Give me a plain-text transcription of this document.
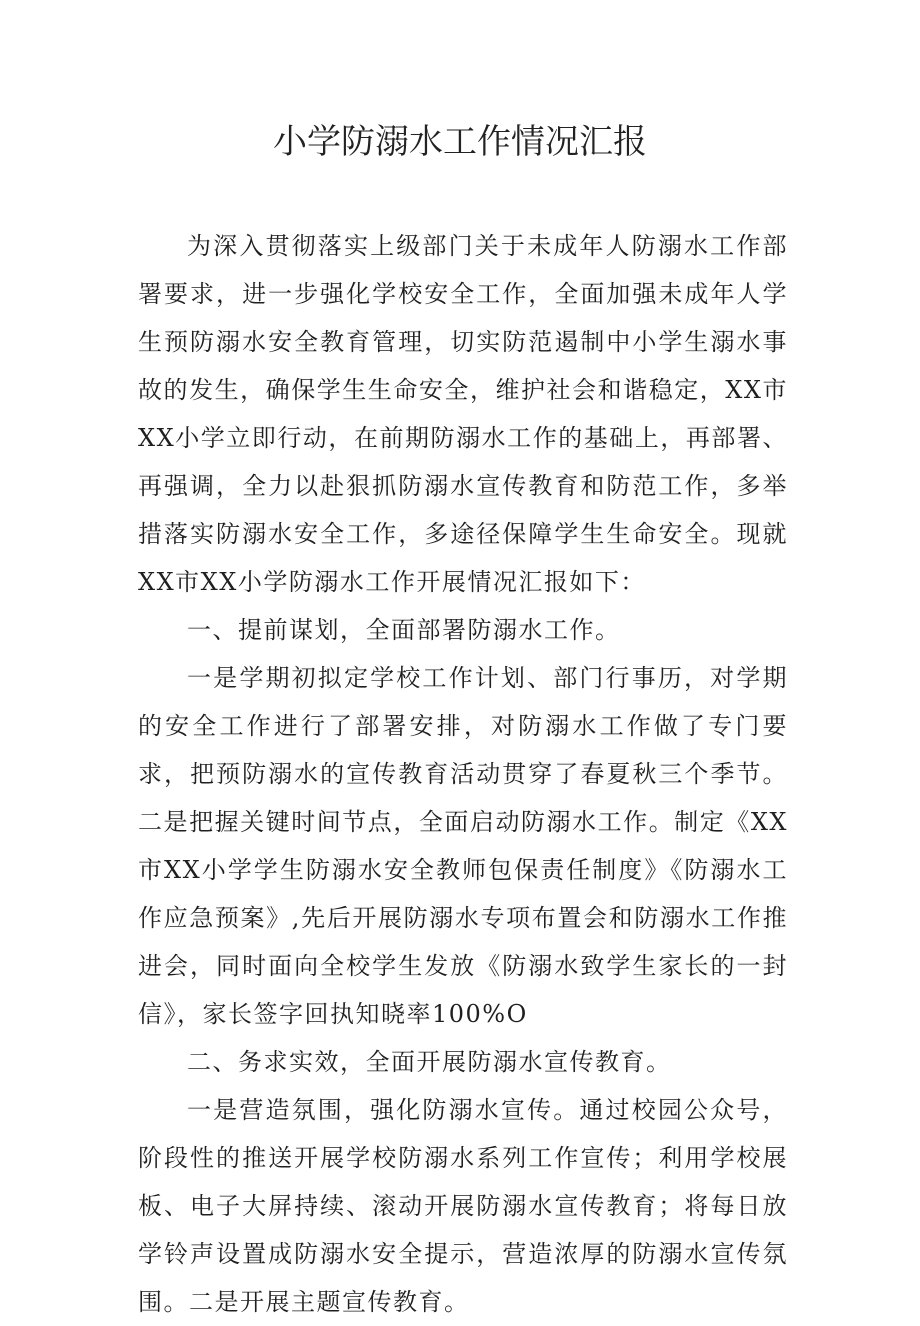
小学防溺水工作情况汇报

为深入贯彻落实上级部门关于未成年人防溺水工作部署要求，进一步强化学校安全工作，全面加强未成年人学生预防溺水安全教育管理，切实防范遏制中小学生溺水事故的发生，确保学生生命安全，维护社会和谐稳定，XX市XX小学立即行动，在前期防溺水工作的基础上，再部署、再强调，全力以赴狠抓防溺水宣传教育和防范工作，多举措落实防溺水安全工作，多途径保障学生生命安全。现就XX市XX小学防溺水工作开展情况汇报如下：

一、提前谋划，全面部署防溺水工作。

一是学期初拟定学校工作计划、部门行事历，对学期的安全工作进行了部署安排，对防溺水工作做了专门要求，把预防溺水的宣传教育活动贯穿了春夏秋三个季节。二是把握关键时间节点，全面启动防溺水工作。制定《XX市XX小学学生防溺水安全教师包保责任制度》《防溺水工作应急预案》,先后开展防溺水专项布置会和防溺水工作推进会，同时面向全校学生发放《防溺水致学生家长的一封信》，家长签字回执知晓率100%O

二、务求实效，全面开展防溺水宣传教育。

一是营造氛围，强化防溺水宣传。通过校园公众号，阶段性的推送开展学校防溺水系列工作宣传；利用学校展板、电子大屏持续、滚动开展防溺水宣传教育；将每日放学铃声设置成防溺水安全提示，营造浓厚的防溺水宣传氛围。二是开展主题宣传教育。
